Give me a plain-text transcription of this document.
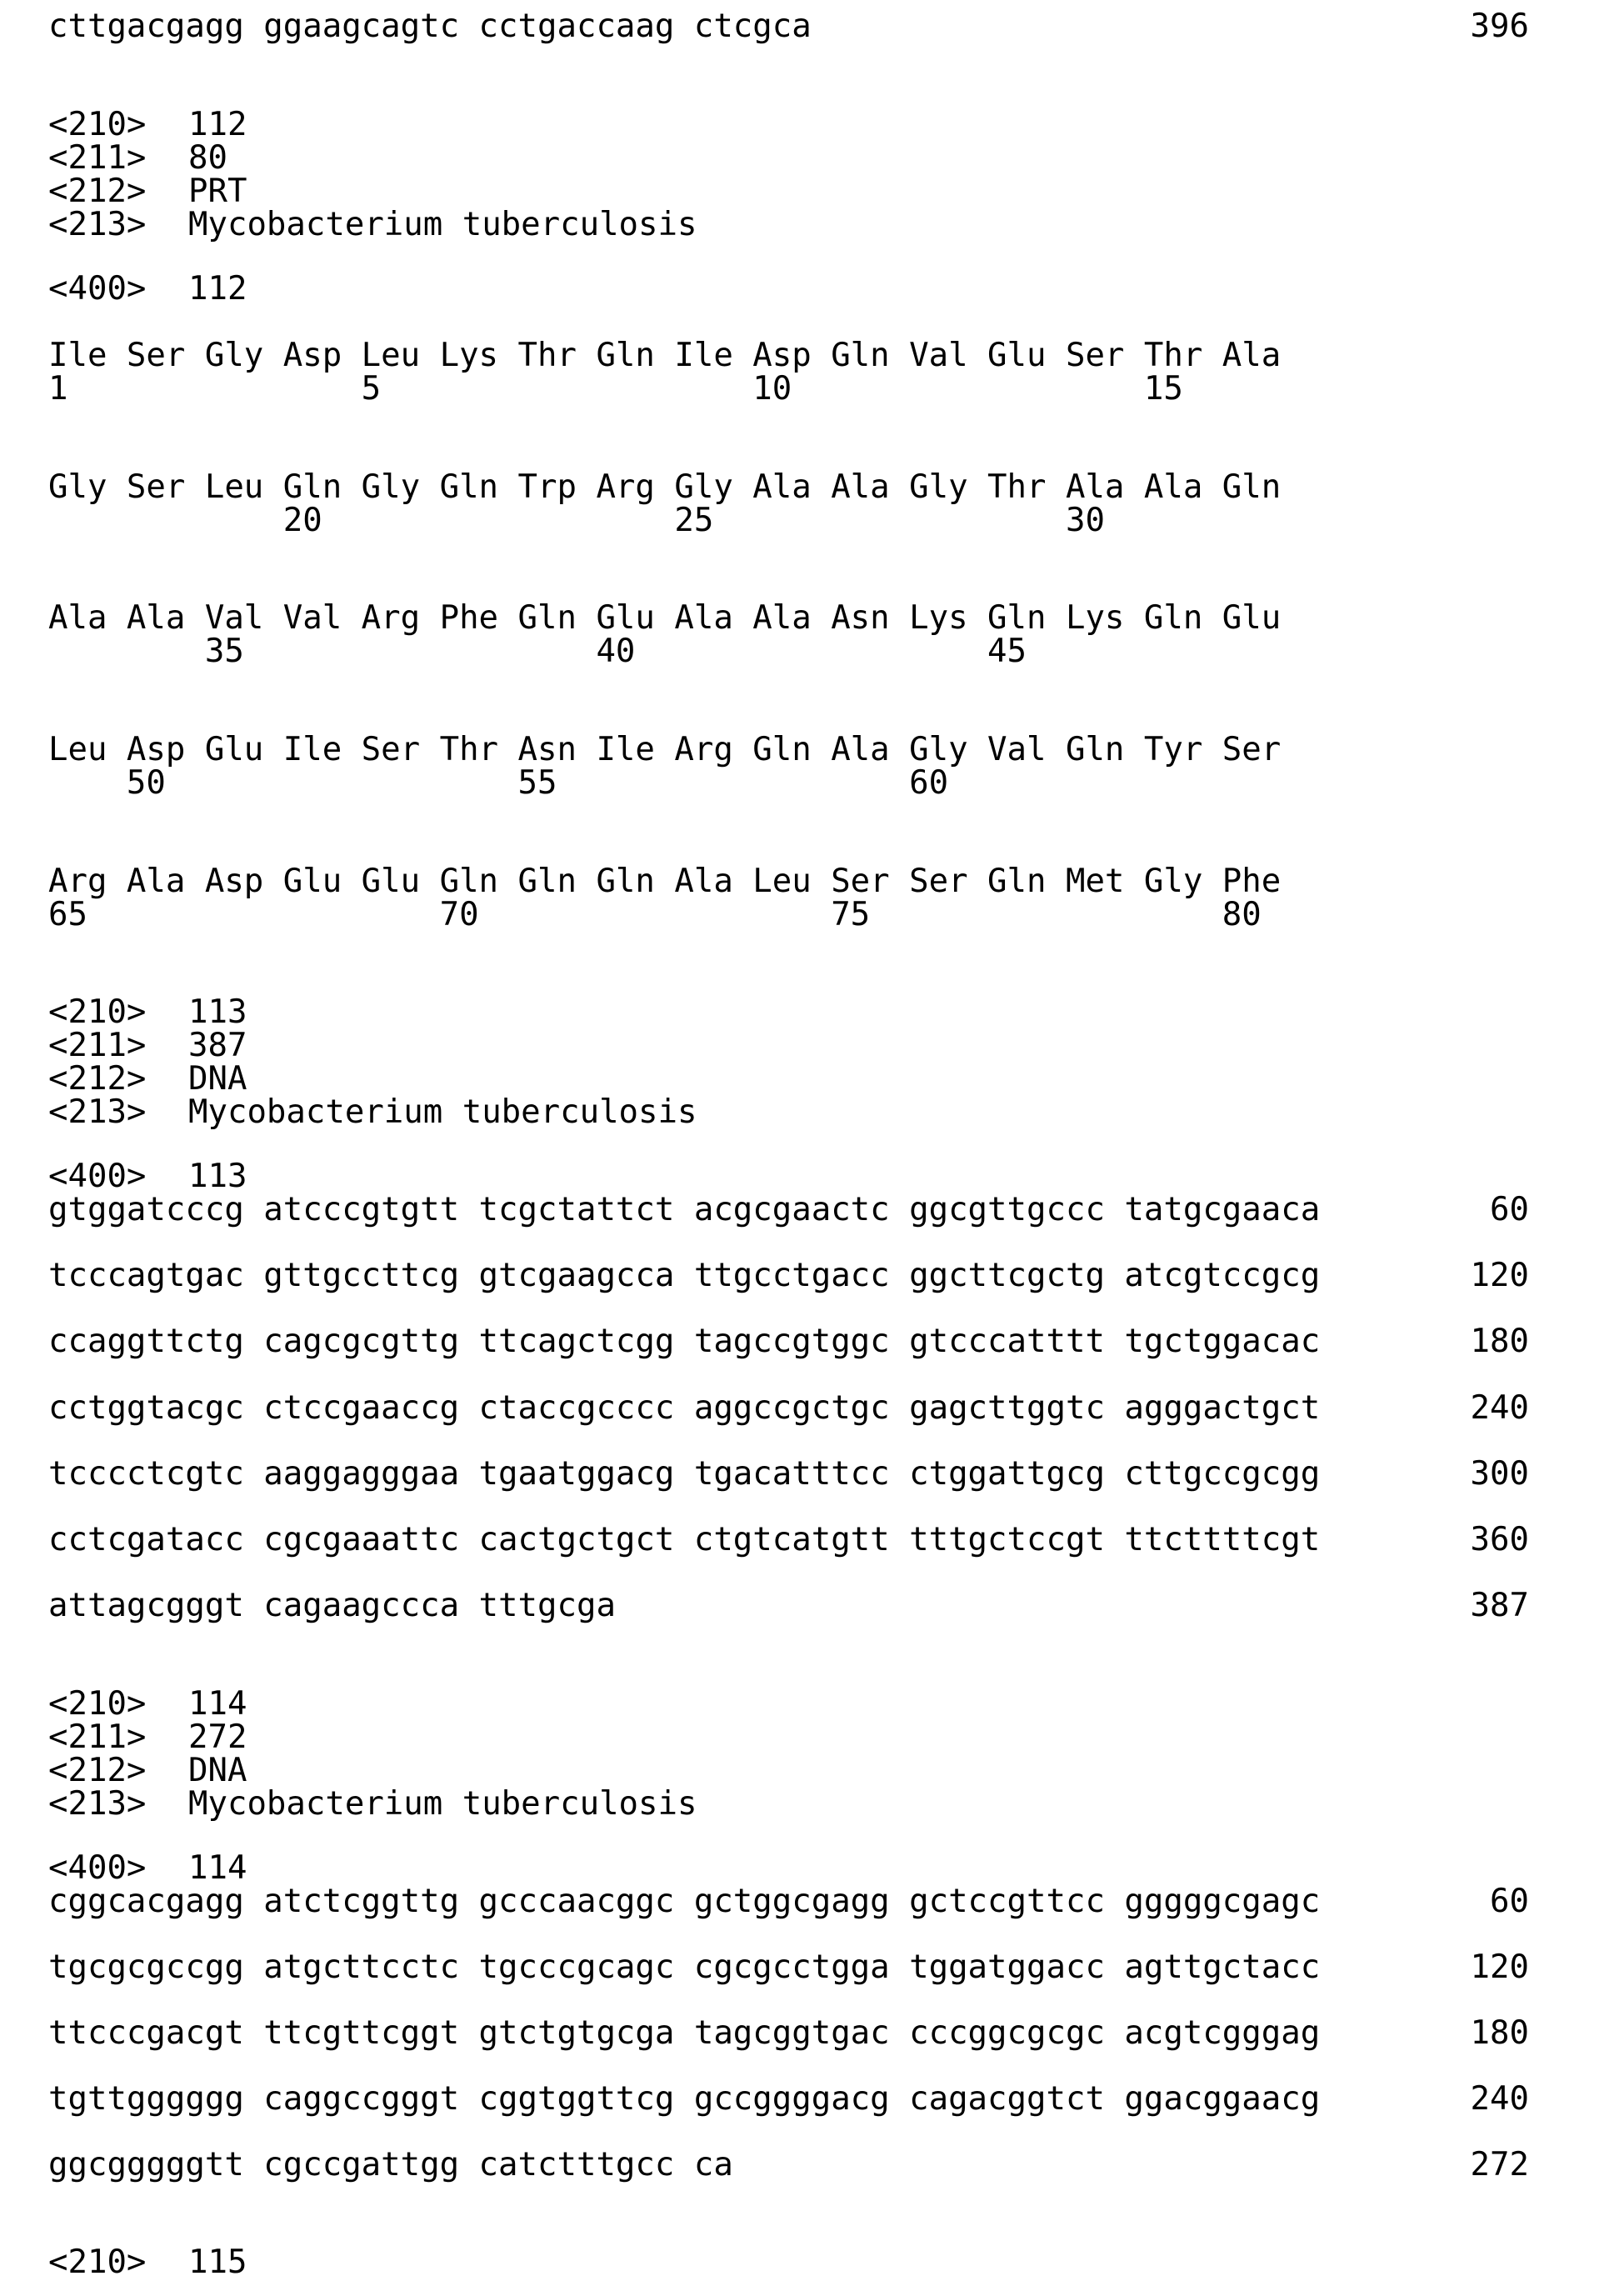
cttgacgagg ggaagcagtc cctgaccaag ctcgca	396
<210> 112
<211> 80
<212> PRT
<213> Mycobacterium tuberculosis
<400> 112
Ile Ser Gly Asp Leu Lys Thr Gln Ile Asp Gln Val Glu Ser Thr Ala
1               5                   10                  15
Gly Ser Leu Gln Gly Gln Trp Arg Gly Ala Ala Gly Thr Ala Ala Gln
20                  25                  30
Ala Ala Val Val Arg Phe Gln Glu Ala Ala Asn Lys Gln Lys Gln Glu
35                  40                  45
Leu Asp Glu Ile Ser Thr Asn Ile Arg Gln Ala Gly Val Gln Tyr Ser
50                  55                  60
Arg Ala Asp Glu Glu Gln Gln Gln Ala Leu Ser Ser Gln Met Gly Phe
65                  70                  75                  80
<210> 113
<211> 387
<212> DNA
<213> Mycobacterium tuberculosis
<400> 113
gtggatcccg atcccgtgtt tcgctattct acgcgaactc ggcgttgccc tatgcgaaca	60
tcccagtgac gttgccttcg gtcgaagcca ttgcctgacc ggcttcgctg atcgtccgcg	120
ccaggttctg cagcgcgttg ttcagctcgg tagccgtggc gtcccatttt tgctggacac	180
cctggtacgc ctccgaaccg ctaccgcccc aggccgctgc gagcttggtc agggactgct	240
tcccctcgtc aaggagggaa tgaatggacg tgacatttcc ctggattgcg cttgccgcgg	300
cctcgatacc cgcgaaattc cactgctgct ctgtcatgtt tttgctccgt ttcttttcgt	360
attagcgggt cagaagccca tttgcga	387
<210> 114
<211> 272
<212> DNA
<213> Mycobacterium tuberculosis
<400> 114
cggcacgagg atctcggttg gcccaacggc gctggcgagg gctccgttcc gggggcgagc	60
tgcgcgccgg atgcttcctc tgcccgcagc cgcgcctgga tggatggacc agttgctacc	120
ttcccgacgt ttcgttcggt gtctgtgcga tagcggtgac cccggcgcgc acgtcgggag	180
tgttgggggg caggccgggt cggtggttcg gccggggacg cagacggtct ggacggaacg	240
ggcgggggtt cgccgattgg catctttgcc ca	272
<210> 115
